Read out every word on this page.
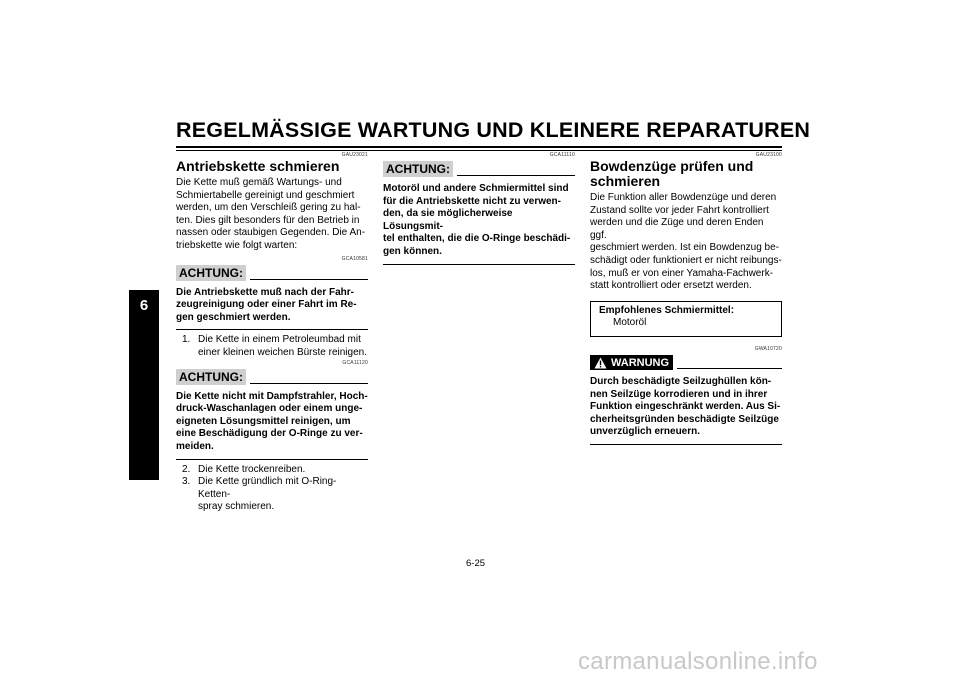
REGELMÄSSIGE WARTUNG UND KLEINERE REPARATUREN
6
GAU23021
Antriebskette schmieren
Die Kette muß gemäß Wartungs- und
Schmiertabelle gereinigt und geschmiert
werden, um den Verschleiß gering zu hal-
ten. Dies gilt besonders für den Betrieb in
nassen oder staubigen Gegenden. Die An-
triebskette wie folgt warten:
GCA10581
ACHTUNG:
Die Antriebskette muß nach der Fahr-
zeugreinigung oder einer Fahrt im Re-
gen geschmiert werden.
1. Die Kette in einem Petroleumbad mit
einer kleinen weichen Bürste reinigen.
GCA11120
ACHTUNG:
Die Kette nicht mit Dampfstrahler, Hoch-
druck-Waschanlagen oder einem unge-
eigneten Lösungsmittel reinigen, um
eine Beschädigung der O-Ringe zu ver-
meiden.
2. Die Kette trockenreiben.
3. Die Kette gründlich mit O-Ring-Ketten-
spray schmieren.
GCA11110
ACHTUNG:
Motoröl und andere Schmiermittel sind
für die Antriebskette nicht zu verwen-
den, da sie möglicherweise Lösungsmit-
tel enthalten, die die O-Ringe beschädi-
gen können.
GAU23100
Bowdenzüge prüfen und
schmieren
Die Funktion aller Bowdenzüge und deren
Zustand sollte vor jeder Fahrt kontrolliert
werden und die Züge und deren Enden ggf.
geschmiert werden. Ist ein Bowdenzug be-
schädigt oder funktioniert er nicht reibungs-
los, muß er von einer Yamaha-Fachwerk-
statt kontrolliert oder ersetzt werden.
Empfohlenes Schmiermittel:
Motoröl
GWA10720
WARNUNG
Durch beschädigte Seilzughüllen kön-
nen Seilzüge korrodieren und in ihrer
Funktion eingeschränkt werden. Aus Si-
cherheitsgründen beschädigte Seilzüge
unverzüglich erneuern.
6-25
carmanualsonline.info
